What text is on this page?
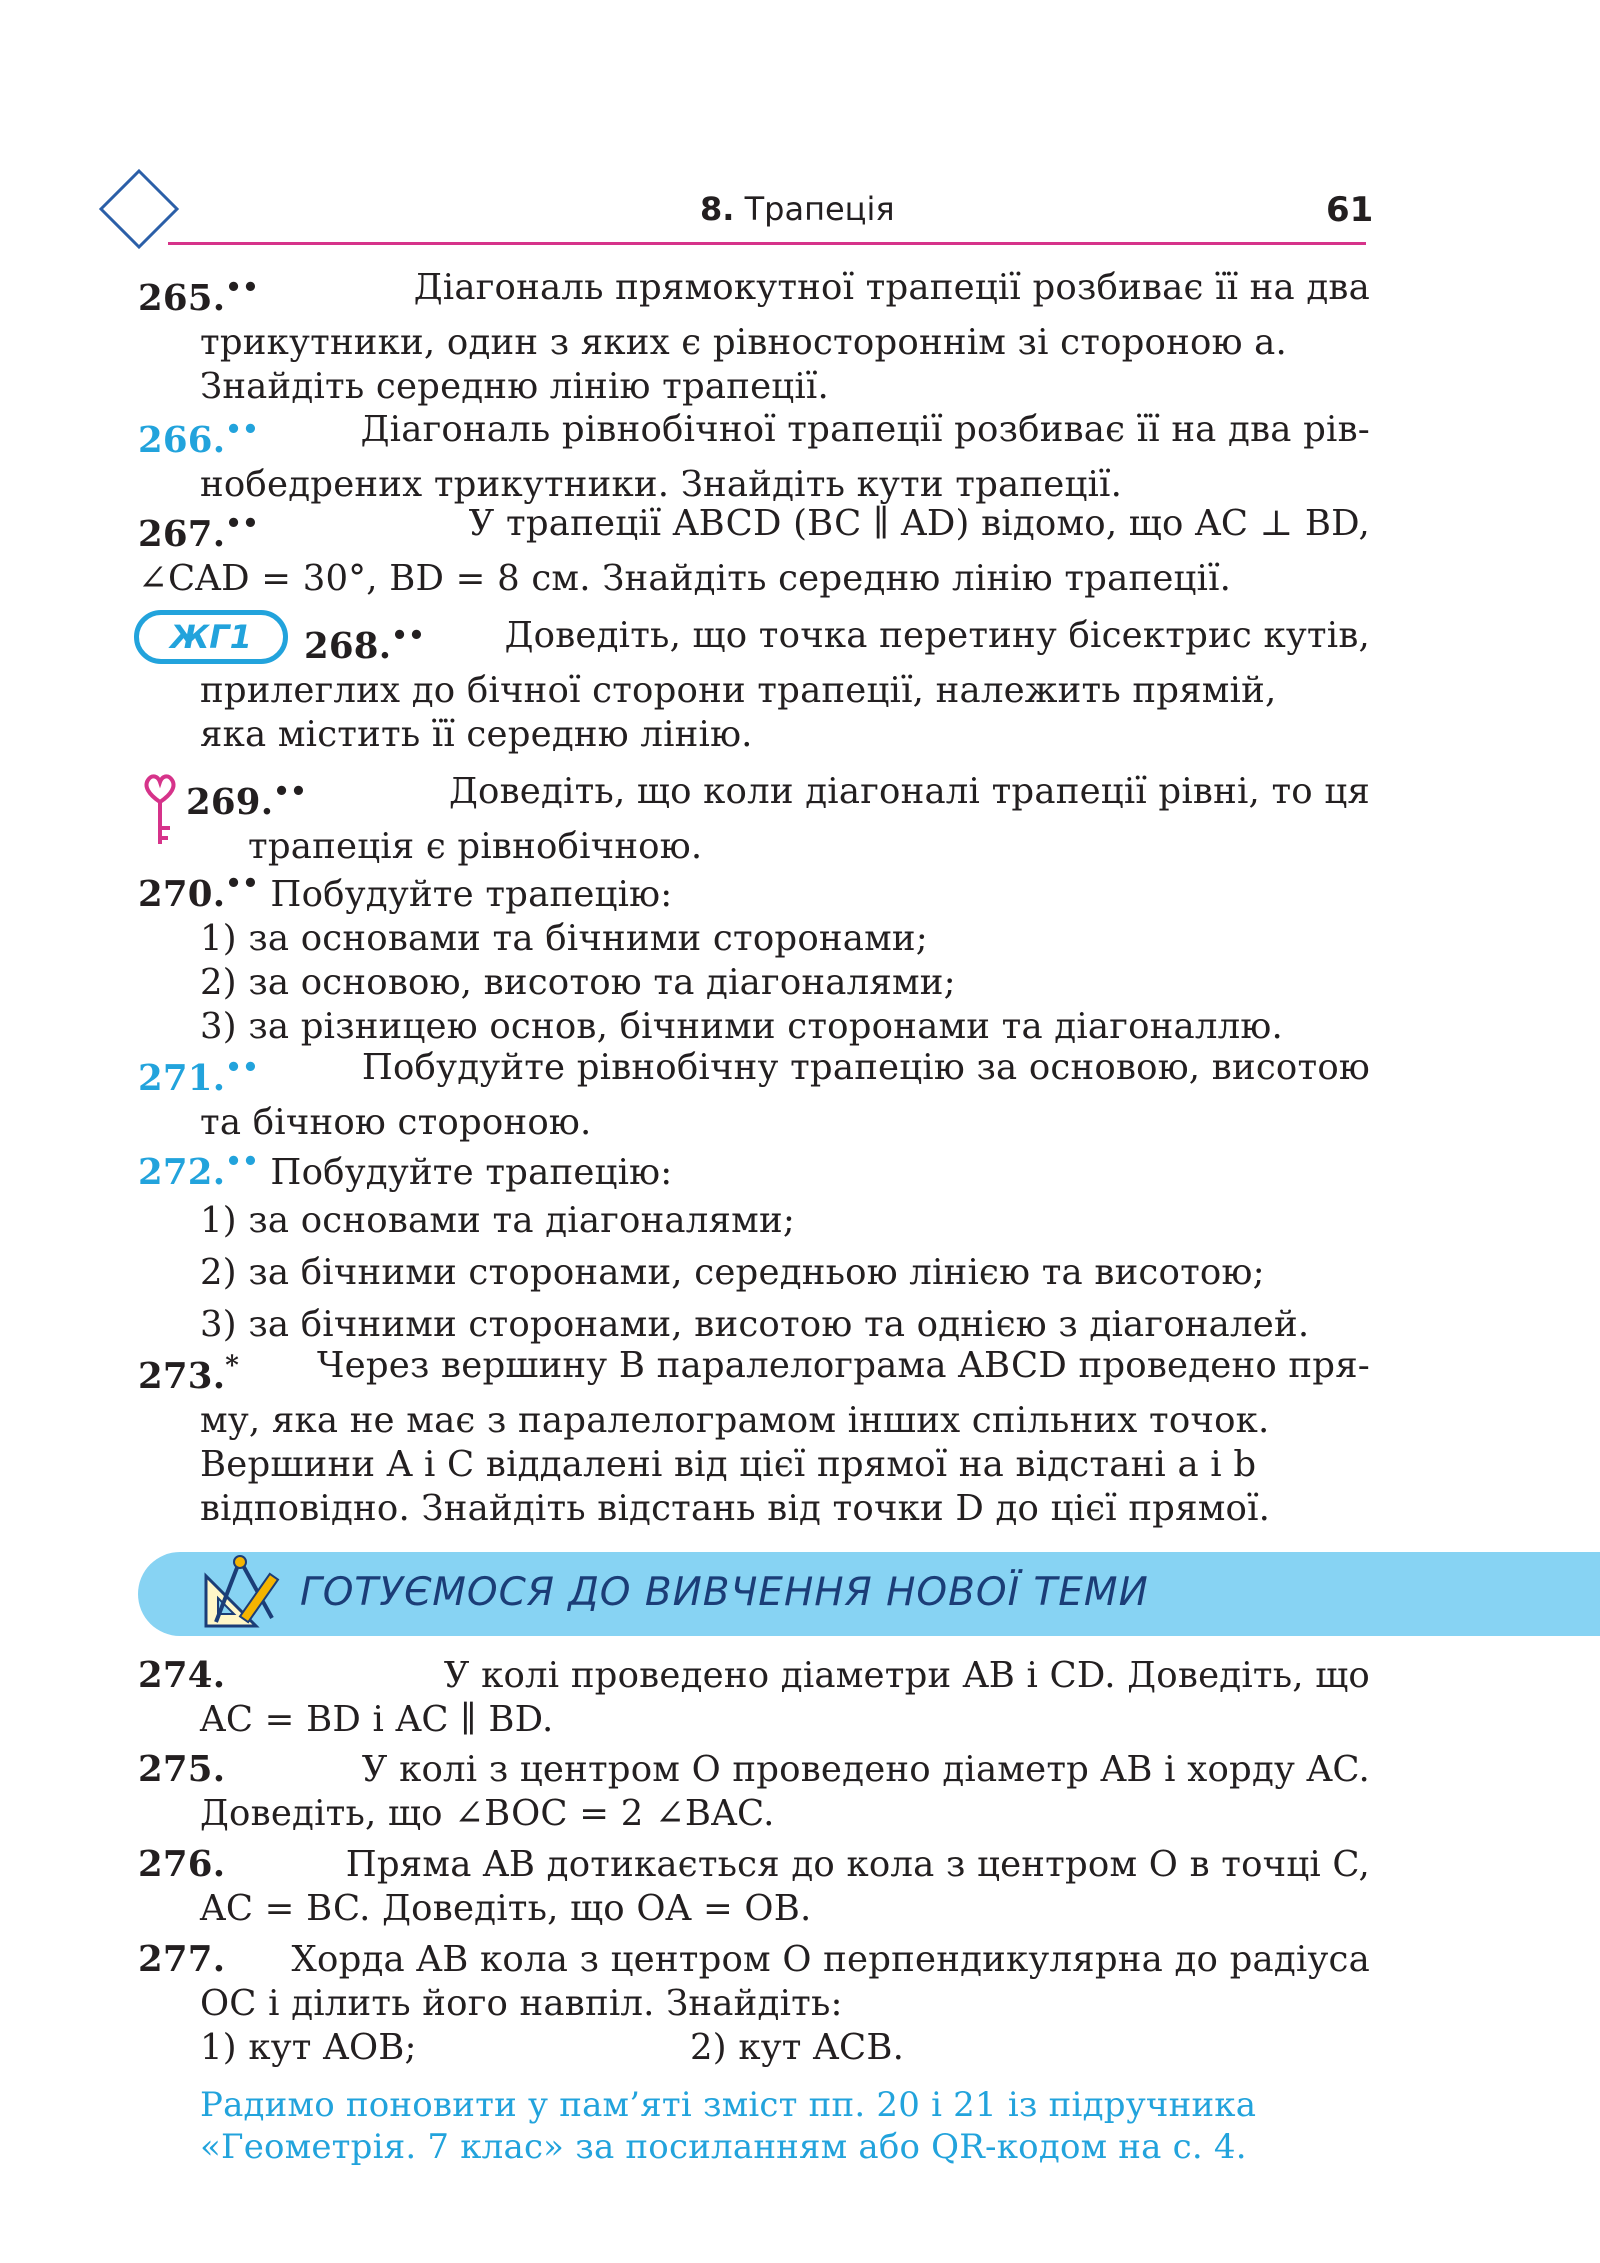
8. Трапеція	61
265.••	Діагональ прямокутної трапеції розбиває її на два
трикутники, один з яких є рівностороннім зі стороною a.
Знайдіть середню лінію трапеції.
266.••	Діагональ рівнобічної трапеції розбиває її на два рів-
нобедрених трикутники. Знайдіть кути трапеції.
267.••	У трапеції ABCD (BC ∥ AD) відомо, що AC ⊥ BD,
∠CAD = 30°, BD = 8 см. Знайдіть середню лінію трапеції.
ЖГ1	268.•• Доведіть, що точка перетину бісектрис кутів,
прилеглих до бічної сторони трапеції, належить прямій,
яка містить її середню лінію.
269.••	Доведіть, що коли діагоналі трапеції рівні, то ця
трапеція є рівнобічною.
270.•• Побудуйте трапецію:
1) за основами та бічними сторонами;
2) за основою, висотою та діагоналями;
3) за різницею основ, бічними сторонами та діагоналлю.
271.••	Побудуйте рівнобічну трапецію за основою, висотою
та бічною стороною.
272.•• Побудуйте трапецію:
1) за основами та діагоналями;
2) за бічними сторонами, середньою лінією та висотою;
3) за бічними сторонами, висотою та однією з діагоналей.
273.* Через вершину B паралелограма ABCD проведено пря-
му, яка не має з паралелограмом інших спільних точок.
Вершини A і C віддалені від цієї прямої на відстані a і b
відповідно. Знайдіть відстань від точки D до цієї прямої.
ГОТУЄМОСЯ ДО ВИВЧЕННЯ НОВОЇ ТЕМИ
274.	У колі проведено діаметри AB і CD. Доведіть, що
AC = BD і AC ∥ BD.
275.	У колі з центром O проведено діаметр AB і хорду AC.
Доведіть, що ∠BOC = 2 ∠BAC.
276.	Пряма AB дотикається до кола з центром O в точці C,
AC = BC. Доведіть, що OA = OB.
277. Хорда AB кола з центром O перпендикулярна до радіуса
OC і ділить його навпіл. Знайдіть:
1) кут AOB;	2) кут ACB.
Радимо поновити у пам’яті зміст пп. 20 і 21 із підручника
«Геометрія. 7 клас» за посиланням або QR-кодом на с. 4.
